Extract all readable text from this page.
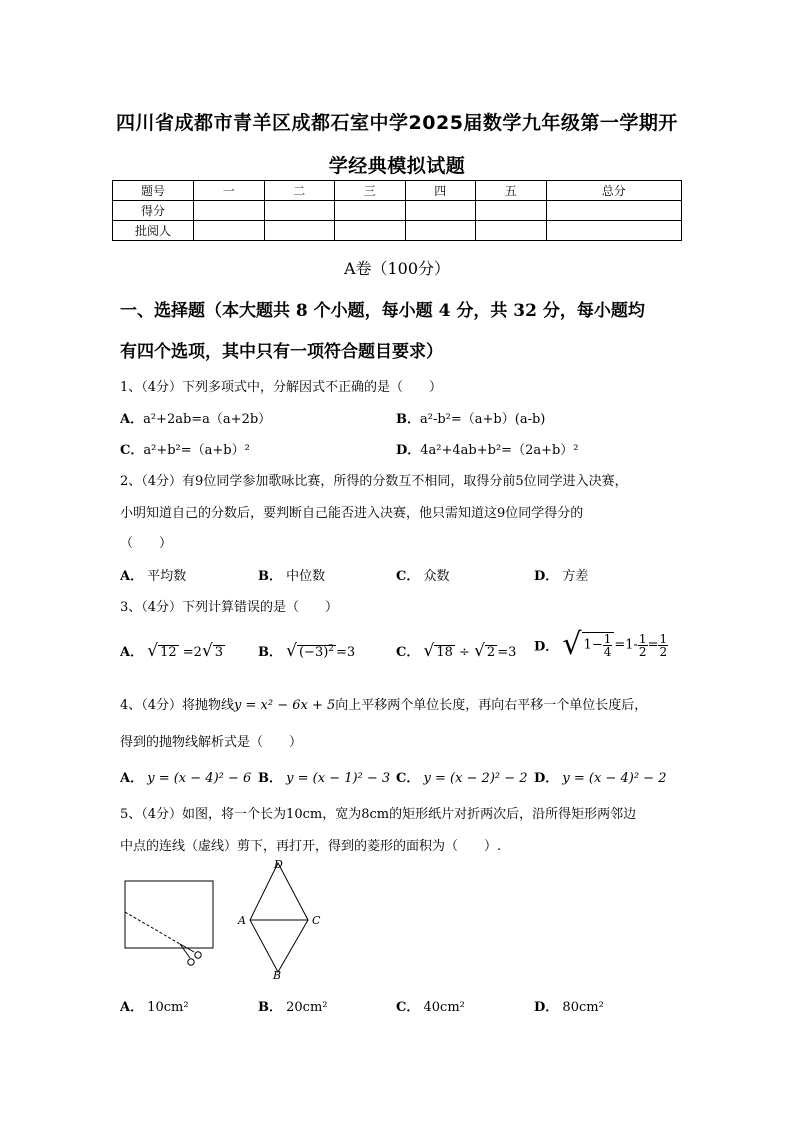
四川省成都市青羊区成都石室中学2025届数学九年级第一学期开
学经典模拟试题
题号	一	二	三	四	五	总分
得分						
批阅人						
A卷（100分）
一、选择题（本大题共 8 个小题，每小题 4 分，共 32 分，每小题均
有四个选项，其中只有一项符合题目要求）
1、（4分）下列多项式中，分解因式不正确的是（　　）
A．a²+2ab=a（a+2b）	B．a²-b²=（a+b）(a-b)
C．a²+b²=（a+b）²	D．4a²+4ab+b²=（2a+b）²
2、（4分）有9位同学参加歌咏比赛，所得的分数互不相同，取得分前5位同学进入决赛，
小明知道自己的分数后，要判断自己能否进入决赛，他只需知道这9位同学得分的
（　　）
A． 平均数	B． 中位数	C． 众数	D． 方差
3、（4分）下列计算错误的是（　　）
A． √ 12 =2√ 3	B． √ $(-3)^2 =3$	C． √ 18 ÷ √ 2 =3 D． √ $1- \frac{1}{4} =1- \frac{1}{2} = \frac{1}{2}$
4、（4分）将抛物线y = x² − 6x + 5向上平移两个单位长度，再向右平移一个单位长度后，
得到的抛物线解析式是（　　）
A． y = (x − 4)² − 6 B． y = (x − 1)² − 3 C． y = (x − 2)² − 2 D． y = (x − 4)² − 2
5、（4分）如图，将一个长为10cm，宽为8cm的矩形纸片对折两次后，沿所得矩形两邻边
中点的连线（虚线）剪下，再打开，得到的菱形的面积为（　　）.
D
A	C
B
A． 10cm²	B． 20cm²	C． 40cm²	D． 80cm²
